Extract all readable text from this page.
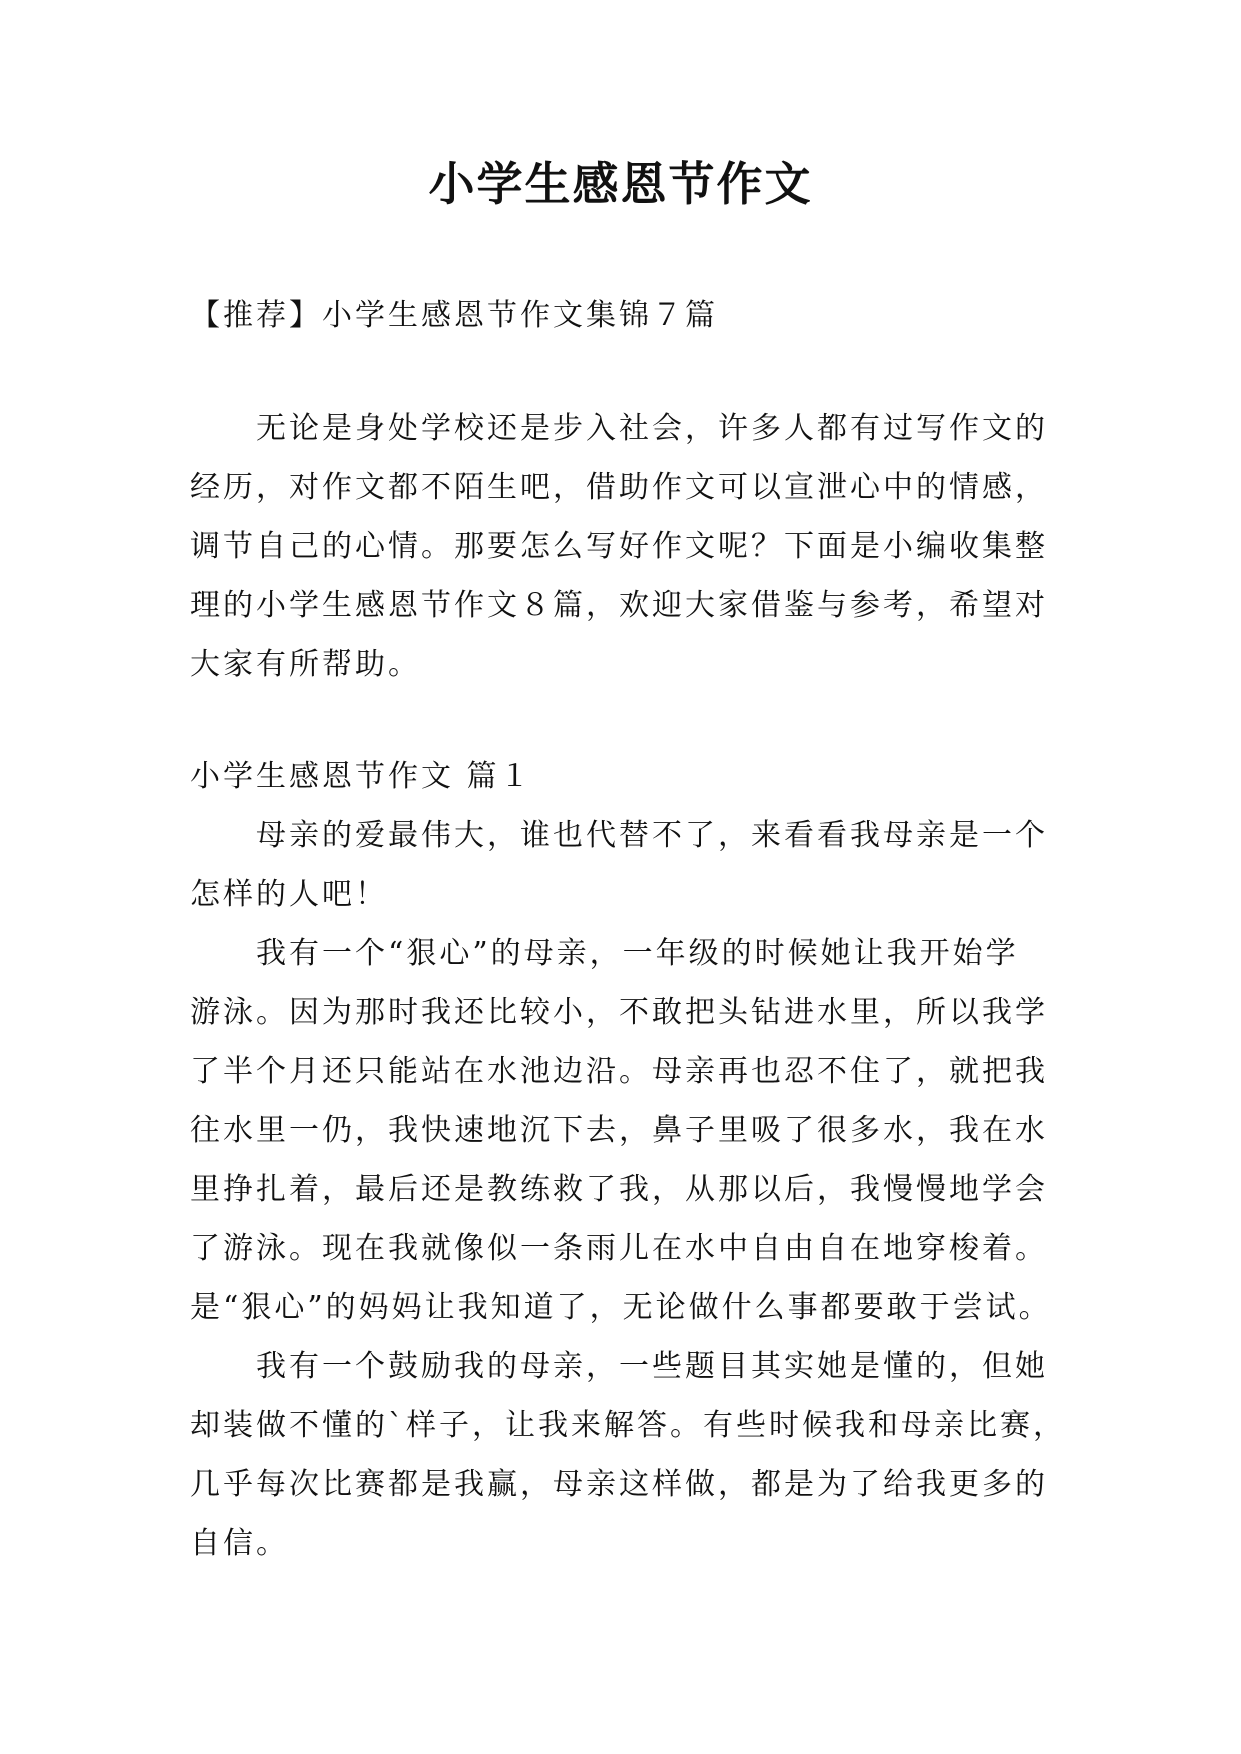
小学生感恩节作文
【推荐】小学生感恩节作文集锦７篇
无论是身处学校还是步入社会，许多人都有过写作文的
经历，对作文都不陌生吧，借助作文可以宣泄心中的情感，
调节自己的心情。那要怎么写好作文呢？下面是小编收集整
理的小学生感恩节作文８篇，欢迎大家借鉴与参考，希望对
大家有所帮助。
小学生感恩节作文 篇１
母亲的爱最伟大，谁也代替不了，来看看我母亲是一个
怎样的人吧！
我有一个“狠心”的母亲，一年级的时候她让我开始学
游泳。因为那时我还比较小，不敢把头钻进水里，所以我学
了半个月还只能站在水池边沿。母亲再也忍不住了，就把我
往水里一仍，我快速地沉下去，鼻子里吸了很多水，我在水
里挣扎着，最后还是教练救了我，从那以后，我慢慢地学会
了游泳。现在我就像似一条雨儿在水中自由自在地穿梭着。
是“狠心”的妈妈让我知道了，无论做什么事都要敢于尝试。
我有一个鼓励我的母亲，一些题目其实她是懂的，但她
却装做不懂的`样子，让我来解答。有些时候我和母亲比赛，
几乎每次比赛都是我赢，母亲这样做，都是为了给我更多的
自信。
